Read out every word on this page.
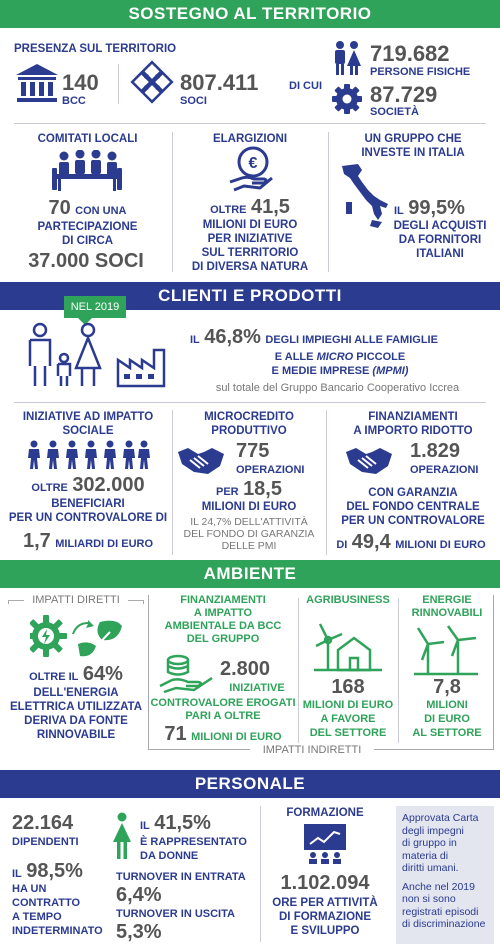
SOSTEGNO AL TERRITORIO
PRESENZA SUL TERRITORIO
140
BCC
807.411
SOCI
DI CUI
719.682
PERSONE FISICHE
87.729
SOCIETÀ
COMITATI LOCALI
70 CON UNA
PARTECIPAZIONE
DI CIRCA
37.000 SOCI
ELARGIZIONI
€
OLTRE 41,5
MILIONI DI EURO
PER INIZIATIVE
SUL TERRITORIO
DI DIVERSA NATURA
UN GRUPPO CHE
INVESTE IN ITALIA
IL 99,5%
DEGLI ACQUISTI
DA FORNITORI
ITALIANI
CLIENTI E PRODOTTI
NEL 2019
IL 46,8% DEGLI IMPIEGHI ALLE FAMIGLIE
E ALLE MICRO PICCOLE
E MEDIE IMPRESE (MPMI)
sul totale del Gruppo Bancario Cooperativo Iccrea
INIZIATIVE AD IMPATTO
SOCIALE
OLTRE 302.000
BENEFICIARI
PER UN CONTROVALORE DI
1,7 MILIARDI DI EURO
MICROCREDITO
PRODUTTIVO
775
OPERAZIONI
PER 18,5
MILIONI DI EURO
IL 24,7% DELL'ATTIVITÀ
DEL FONDO DI GARANZIA
DELLE PMI
FINANZIAMENTI
A IMPORTO RIDOTTO
1.829
OPERAZIONI
CON GARANZIA
DEL FONDO CENTRALE
PER UN CONTROVALORE
DI 49,4 MILIONI DI EURO
AMBIENTE
IMPATTI DIRETTI
OLTRE IL 64%
DELL'ENERGIA
ELETTRICA UTILIZZATA
DERIVA DA FONTE
RINNOVABILE
FINANZIAMENTI
A IMPATTO
AMBIENTALE DA BCC
DEL GRUPPO
2.800
INIZIATIVE
CONTROVALORE EROGATI
PARI A OLTRE
71 MILIONI DI EURO
AGRIBUSINESS
168
MILIONI DI EURO
A FAVORE
DEL SETTORE
ENERGIE
RINNOVABILI
7,8
MILIONI
DI EURO
AL SETTORE
IMPATTI INDIRETTI
PERSONALE
22.164
DIPENDENTI
IL 98,5%
HA UN
CONTRATTO
A TEMPO
INDETERMINATO
IL 41,5%
È RAPPRESENTATO
DA DONNE
TURNOVER IN ENTRATA
6,4%
TURNOVER IN USCITA
5,3%
FORMAZIONE
1.102.094
ORE PER ATTIVITÀ
DI FORMAZIONE
E SVILUPPO
Approvata Carta
degli impegni
di gruppo in
materia di
diritti umani.
Anche nel 2019
non si sono
registrati episodi
di discriminazione
